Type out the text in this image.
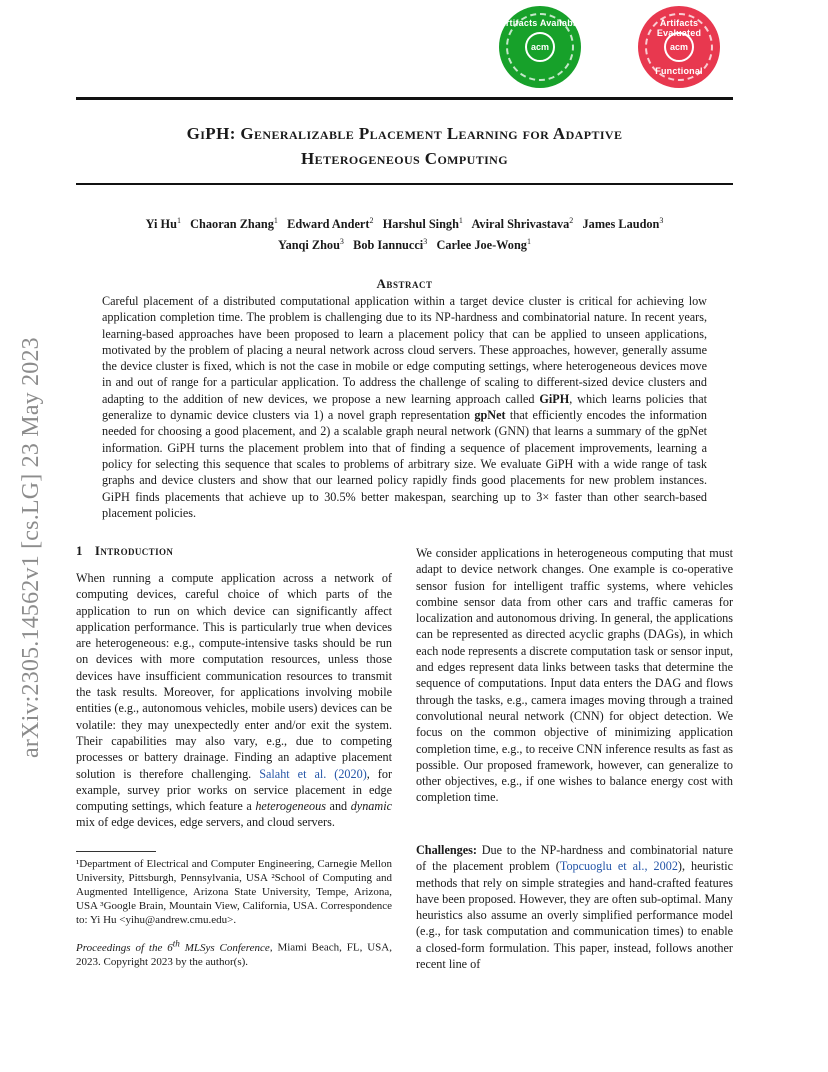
Artifacts Available
acm
Artifacts Evaluated
acm
Functional
GiPH: Generalizable Placement Learning for Adaptive
Heterogeneous Computing
Yi Hu$^1$ Chaoran Zhang$^1$ Edward Andert$^2$ Harshul Singh$^1$ Aviral Shrivastava$^2$ James Laudon$^3$
Yanqi Zhou$^3$ Bob Iannucci$^3$ Carlee Joe-Wong$^1$
arXiv:2305.14562v1 [cs.LG] 23 May 2023
Abstract
Careful placement of a distributed computational application within a target device cluster is critical for achieving low application completion time. The problem is challenging due to its NP-hardness and combinatorial nature. In recent years, learning-based approaches have been proposed to learn a placement policy that can be applied to unseen applications, motivated by the problem of placing a neural network across cloud servers. These approaches, however, generally assume the device cluster is fixed, which is not the case in mobile or edge computing settings, where heterogeneous devices move in and out of range for a particular application. To address the challenge of scaling to different-sized device clusters and adapting to the addition of new devices, we propose a new learning approach called GiPH, which learns policies that generalize to dynamic device clusters via 1) a novel graph representation gpNet that efficiently encodes the information needed for choosing a good placement, and 2) a scalable graph neural network (GNN) that learns a summary of the gpNet information. GiPH turns the placement problem into that of finding a sequence of placement improvements, learning a policy for selecting this sequence that scales to problems of arbitrary size. We evaluate GiPH with a wide range of task graphs and device clusters and show that our learned policy rapidly finds good placements for new problem instances. GiPH finds placements that achieve up to 30.5% better makespan, searching up to 3× faster than other search-based placement policies.
1 Introduction

When running a compute application across a network of computing devices, careful choice of which parts of the application to run on which device can significantly affect application performance. This is particularly true when devices are heterogeneous: e.g., compute-intensive tasks should be run on devices with more computation resources, unless those devices have insufficient communication resources to transmit the task results. Moreover, for applications involving mobile entities (e.g., autonomous vehicles, mobile users) devices can be volatile: they may unexpectedly enter and/or exit the system. Their capabilities may also vary, e.g., due to competing processes or battery drainage. Finding an adaptive placement solution is therefore challenging. Salaht et al. (2020), for example, survey prior works on service placement in edge computing settings, which feature a heterogeneous and dynamic mix of edge devices, edge servers, and cloud servers.

¹Department of Electrical and Computer Engineering, Carnegie Mellon University, Pittsburgh, Pennsylvania, USA ²School of Computing and Augmented Intelligence, Arizona State University, Tempe, Arizona, USA ³Google Brain, Mountain View, California, USA. Correspondence to: Yi Hu <yihu@andrew.cmu.edu>.
Proceedings of the 6th MLSys Conference, Miami Beach, FL, USA, 2023. Copyright 2023 by the author(s).

We consider applications in heterogeneous computing that must adapt to device network changes. One example is co-operative sensor fusion for intelligent traffic systems, where vehicles combine sensor data from other cars and traffic cameras for localization and autonomous driving. In general, the applications can be represented as directed acyclic graphs (DAGs), in which each node represents a discrete computation task or sensor input, and edges represent data links between tasks that determine the sequence of computations. Input data enters the DAG and flows through the tasks, e.g., camera images moving through a trained convolutional neural network (CNN) for object detection. We focus on the common objective of minimizing application completion time, e.g., to receive CNN inference results as fast as possible. Our proposed framework, however, can generalize to other objectives, e.g., if one wishes to balance energy cost with completion time.

Challenges: Due to the NP-hardness and combinatorial nature of the placement problem (Topcuoglu et al., 2002), heuristic methods that rely on simple strategies and hand-crafted features have been proposed. However, they are often sub-optimal. Many heuristics also assume an overly simplified performance model (e.g., for task computation and communication times) to enable a closed-form formulation. This paper, instead, follows another recent line of
